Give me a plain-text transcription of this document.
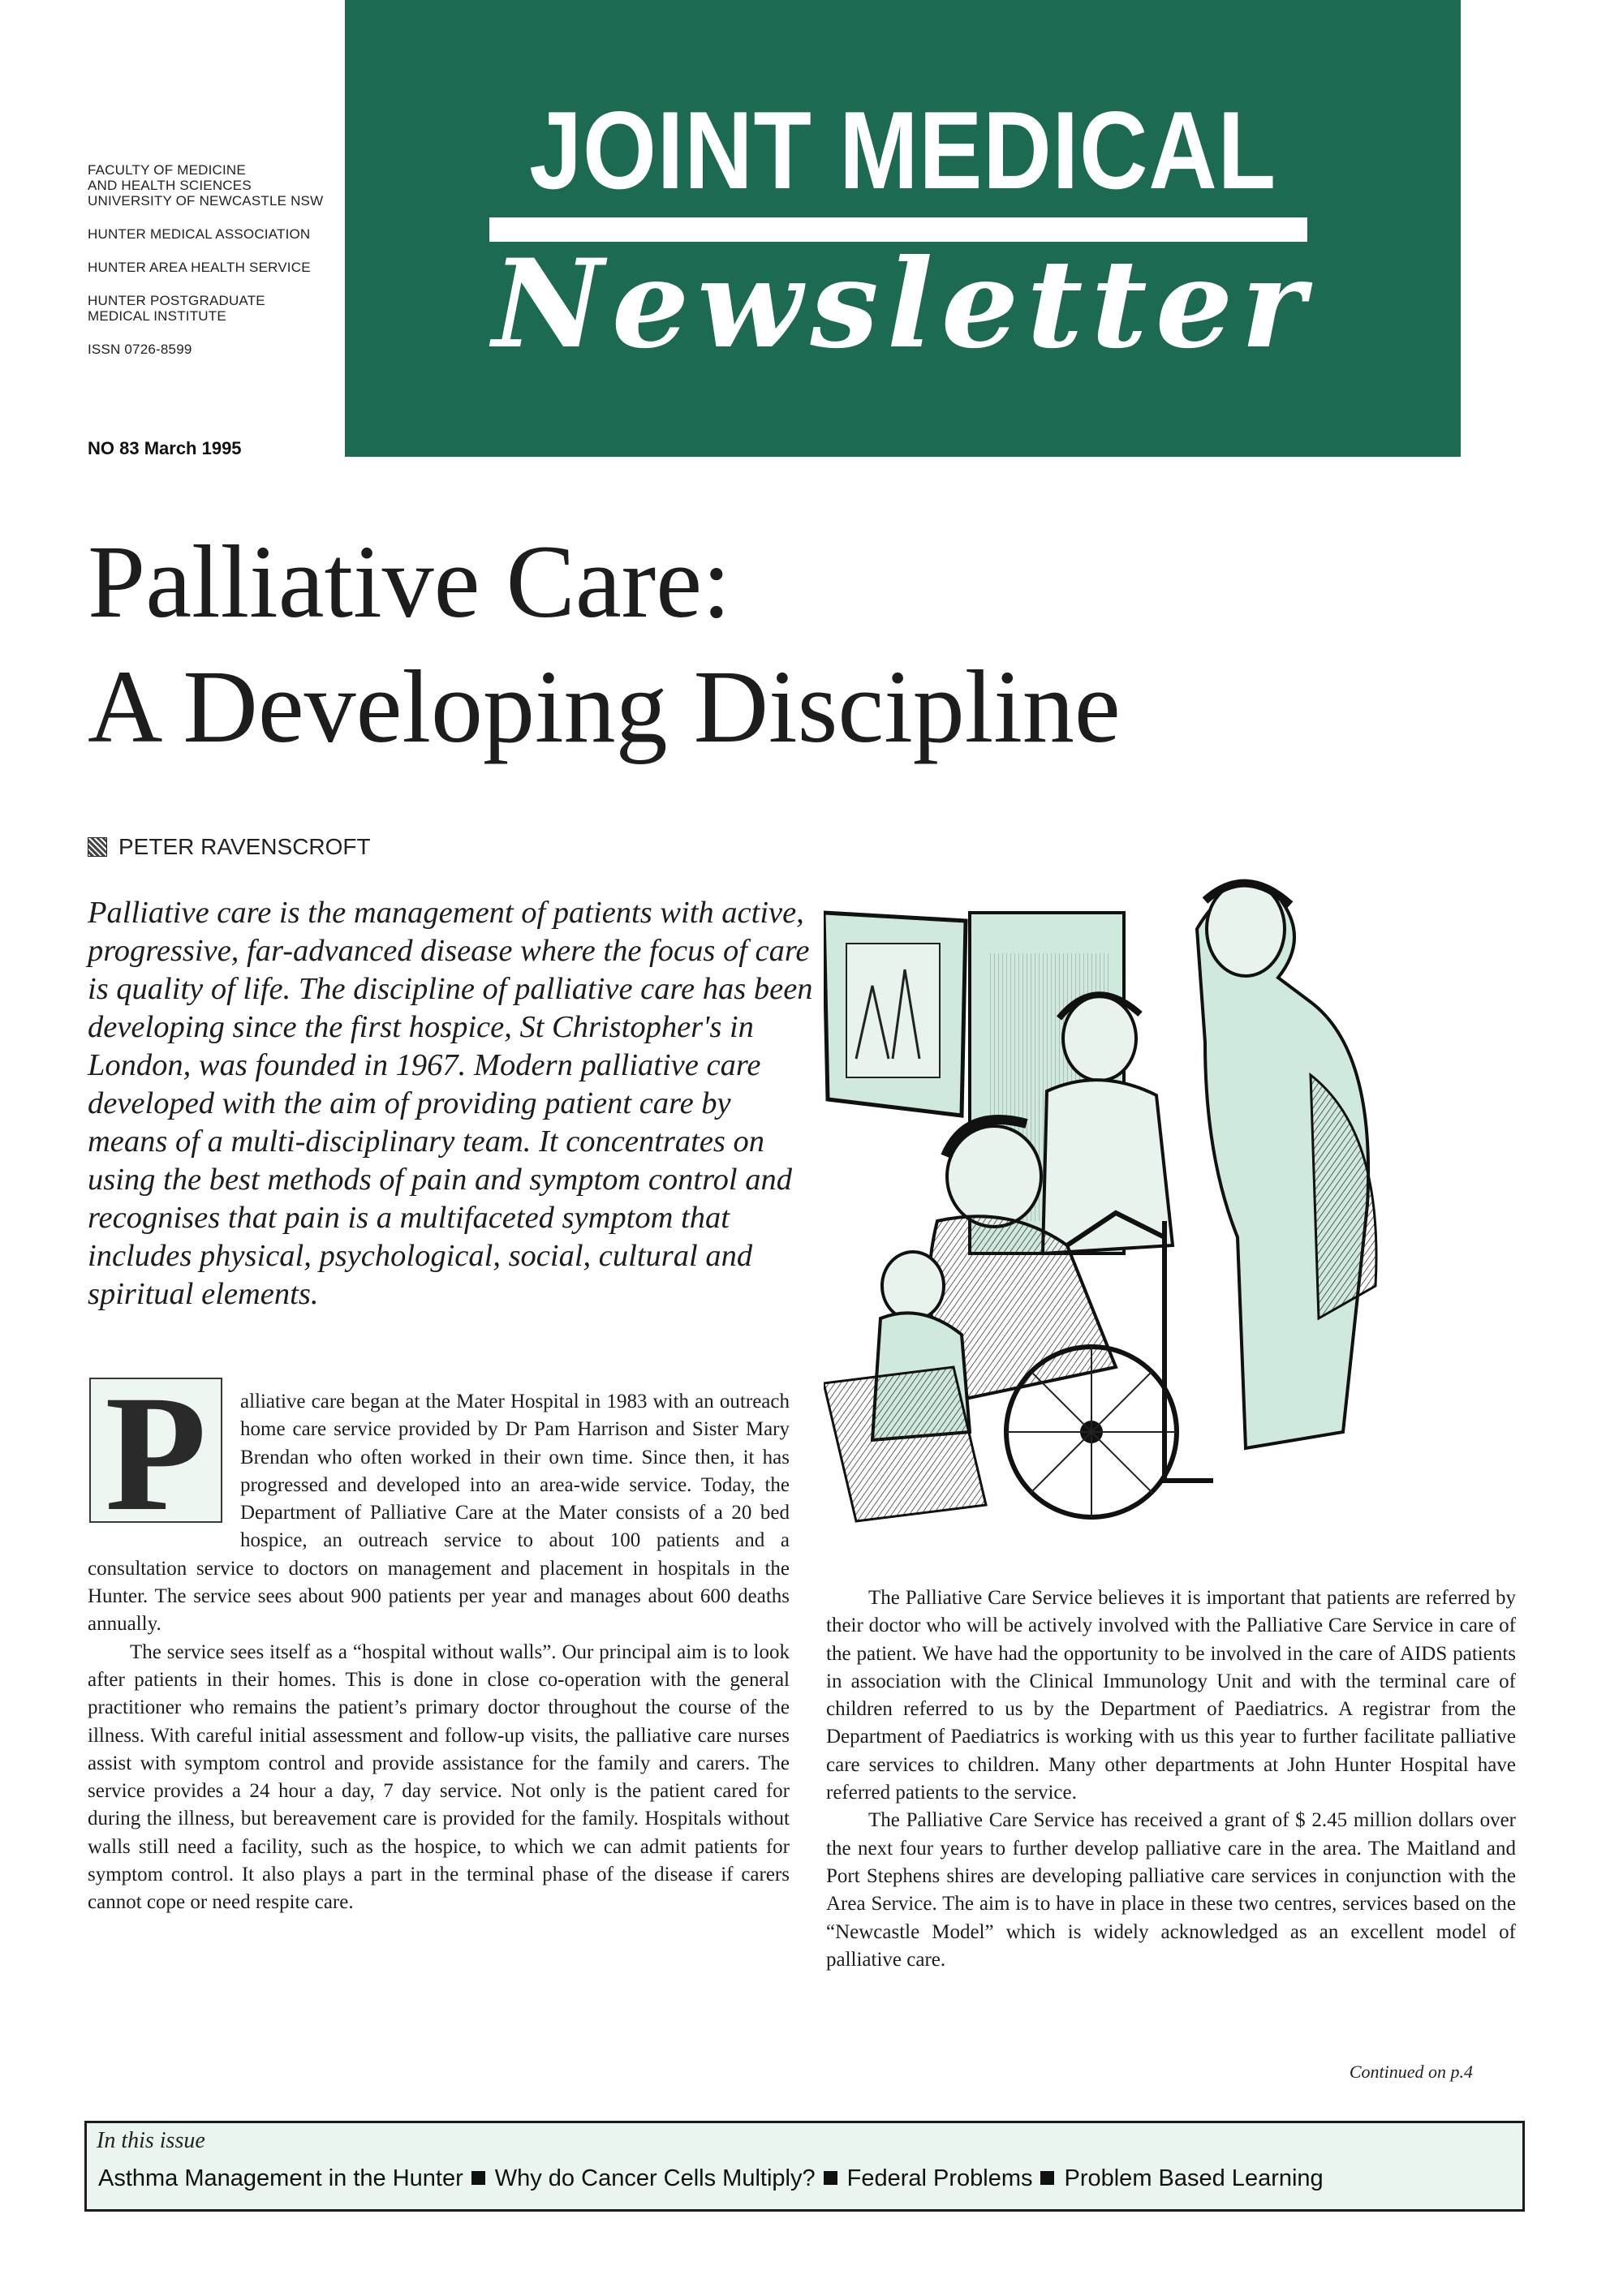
FACULTY OF MEDICINE
AND HEALTH SCIENCES
UNIVERSITY OF NEWCASTLE NSW
HUNTER MEDICAL ASSOCIATION
HUNTER AREA HEALTH SERVICE
HUNTER POSTGRADUATE
MEDICAL INSTITUTE
ISSN 0726-8599
NO 83 March 1995
JOINT MEDICAL
Newsletter
Palliative Care:
A Developing Discipline
PETER RAVENSCROFT
Palliative care is the management of patients with active, progressive, far-advanced disease where the focus of care is quality of life. The discipline of palliative care has been developing since the first hospice, St Christopher's in London, was founded in 1967. Modern palliative care developed with the aim of providing patient care by means of a multi-disciplinary team. It concentrates on using the best methods of pain and symptom control and recognises that pain is a multifaceted symptom that includes physical, psychological, social, cultural and spiritual elements.
P	alliative care began at the Mater Hospital in 1983 with an outreach home care service provided by Dr Pam Harrison and Sister Mary Brendan who often worked in their own time. Since then, it has progressed and developed into an area-wide service. Today, the Department of Palliative Care at the Mater consists of a 20 bed hospice, an outreach service to about 100 patients and a consultation service to doctors on management and placement in hospitals in the Hunter. The service sees about 900 patients per year and manages about 600 deaths annually.

The service sees itself as a “hospital without walls”. Our principal aim is to look after patients in their homes. This is done in close co-operation with the general practitioner who remains the patient’s primary doctor throughout the course of the illness. With careful initial assessment and follow-up visits, the palliative care nurses assist with symptom control and provide assistance for the family and carers. The service provides a 24 hour a day, 7 day service. Not only is the patient cared for during the illness, but bereavement care is provided for the family. Hospitals without walls still need a facility, such as the hospice, to which we can admit patients for symptom control. It also plays a part in the terminal phase of the disease if carers cannot cope or need respite care.

The Palliative Care Service believes it is important that patients are referred by their doctor who will be actively involved with the Palliative Care Service in care of the patient. We have had the opportunity to be involved in the care of AIDS patients in association with the Clinical Immunology Unit and with the terminal care of children referred to us by the Department of Paediatrics. A registrar from the Department of Paediatrics is working with us this year to further facilitate palliative care services to children. Many other departments at John Hunter Hospital have referred patients to the service.

The Palliative Care Service has received a grant of $ 2.45 million dollars over the next four years to further develop palliative care in the area. The Maitland and Port Stephens shires are developing palliative care services in conjunction with the Area Service. The aim is to have in place in these two centres, services based on the “Newcastle Model” which is widely acknowledged as an excellent model of palliative care.

Continued on p.4
In this issue
Asthma Management in the Hunter Why do Cancer Cells Multiply? Federal Problems Problem Based Learning
